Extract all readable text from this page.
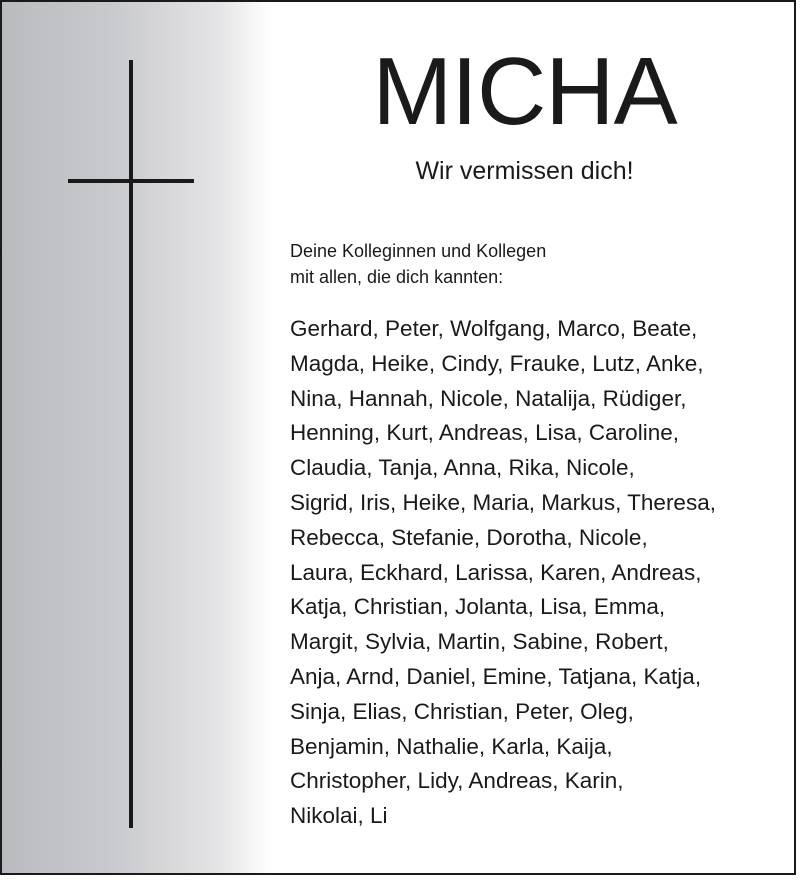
MICHA

Wir vermissen dich!

Deine Kolleginnen und Kollegen
mit allen, die dich kannten:
Gerhard, Peter, Wolfgang, Marco, Beate,
Magda, Heike, Cindy, Frauke, Lutz, Anke,
Nina, Hannah, Nicole, Natalija, Rüdiger,
Henning, Kurt, Andreas, Lisa, Caroline,
Claudia, Tanja, Anna, Rika, Nicole,
Sigrid, Iris, Heike, Maria, Markus, Theresa,
Rebecca, Stefanie, Dorotha, Nicole,
Laura, Eckhard, Larissa, Karen, Andreas,
Katja, Christian, Jolanta, Lisa, Emma,
Margit, Sylvia, Martin, Sabine, Robert,
Anja, Arnd, Daniel, Emine, Tatjana, Katja,
Sinja, Elias, Christian, Peter, Oleg,
Benjamin, Nathalie, Karla, Kaija,
Christopher, Lidy, Andreas, Karin,
Nikolai, Li
